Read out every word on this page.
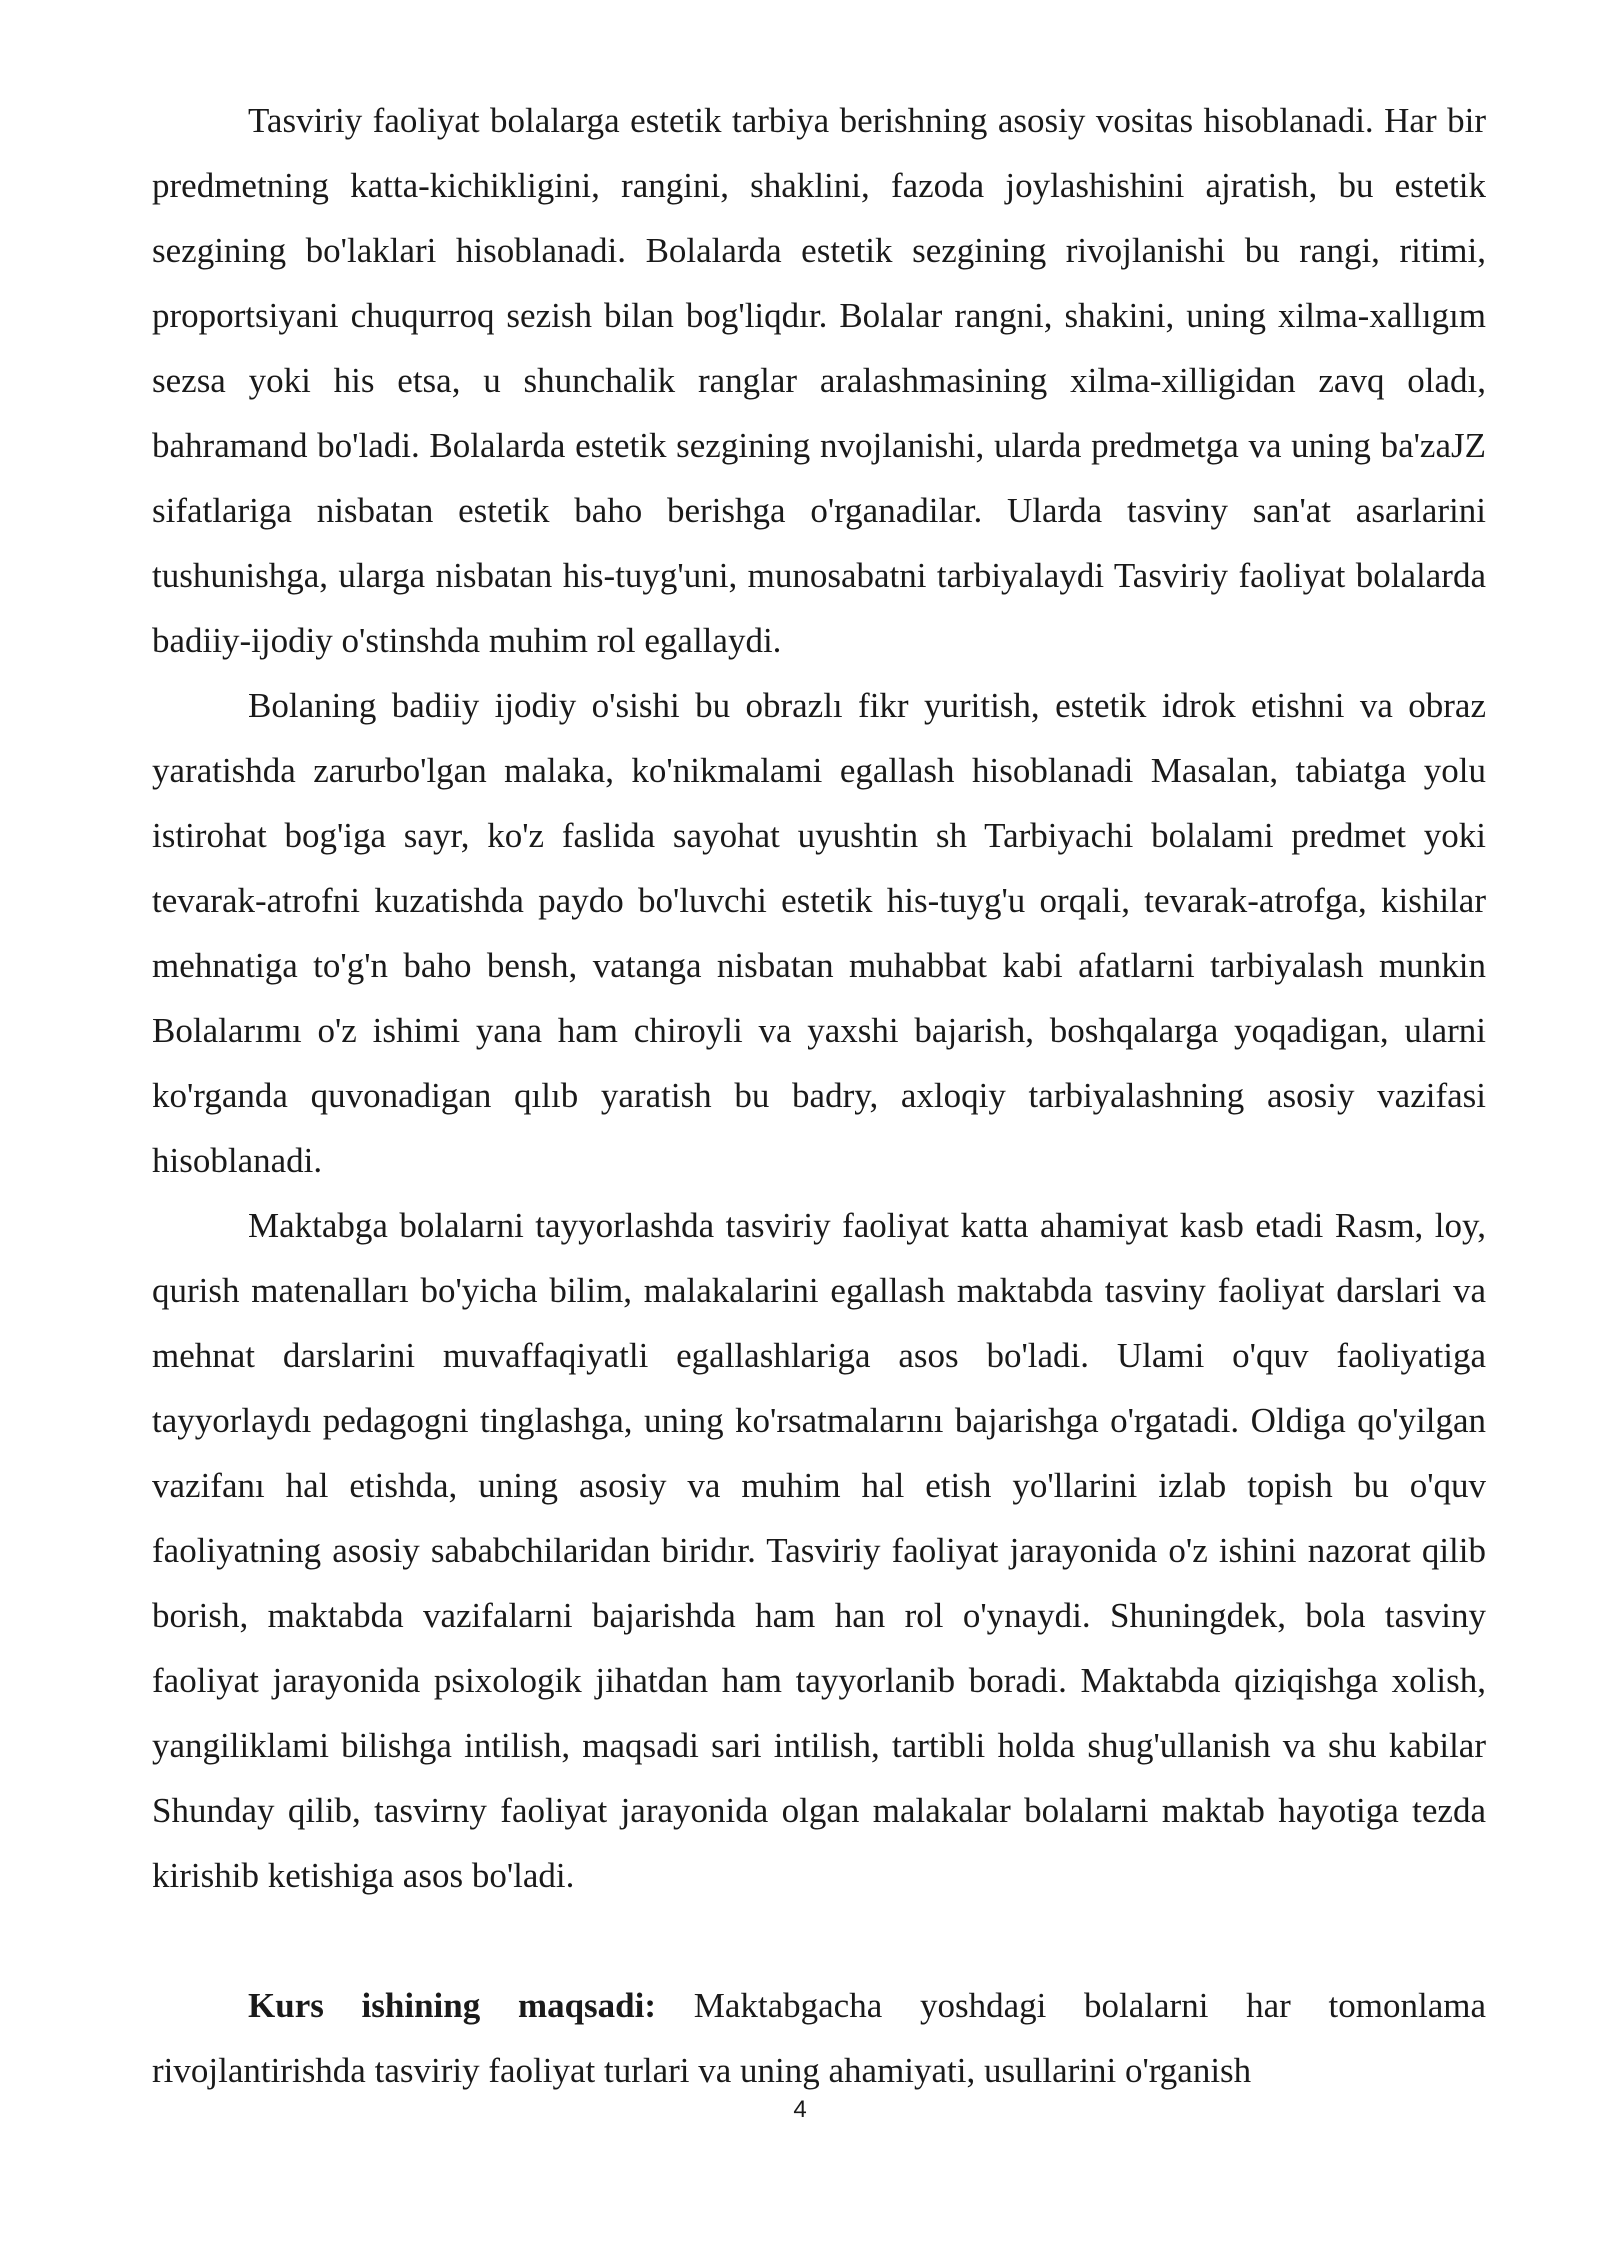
Tasviriy faoliyat bolalarga estetik tarbiya berishning asosiy vositas hisoblanadi. Har bir predmetning katta-kichikligini, rangini, shaklini, fazoda joylashishini ajratish, bu estetik sezgining bo'laklari hisoblanadi. Bolalarda estetik sezgining rivojlanishi bu rangi, ritimi, proportsiyani chuqurroq sezish bilan bog'liqdır. Bolalar rangni, shakini, uning xilma-xallıgım sezsa yoki his etsa, u shunchalik ranglar aralashmasining xilma-xilligidan zavq oladı, bahramand bo'ladi. Bolalarda estetik sezgining nvojlanishi, ularda predmetga va uning ba'zaJZ sifatlariga nisbatan estetik baho berishga o'rganadilar. Ularda tasviny san'at asarlarini tushunishga, ularga nisbatan his-tuyg'uni, munosabatni tarbiyalaydi Tasviriy faoliyat bolalarda badiiy-ijodiy o'stinshda muhim rol egallaydi.

Bolaning badiiy ijodiy o'sishi bu obrazlı fikr yuritish, estetik idrok etishni va obraz yaratishda zarurbo'lgan malaka, ko'nikmalami egallash hisoblanadi Masalan, tabiatga yolu istirohat bog'iga sayr, ko'z faslida sayohat uyushtin sh Tarbiyachi bolalami predmet yoki tevarak-atrofni kuzatishda paydo bo'luvchi estetik his-tuyg'u orqali, tevarak-atrofga, kishilar mehnatiga to'g'n baho bensh, vatanga nisbatan muhabbat kabi afatlarni tarbiyalash munkin Bolalarımı o'z ishimi yana ham chiroyli va yaxshi bajarish, boshqalarga yoqadigan, ularni ko'rganda quvonadigan qılıb yaratish bu badry, axloqiy tarbiyalashning asosiy vazifasi hisoblanadi.

Maktabga bolalarni tayyorlashda tasviriy faoliyat katta ahamiyat kasb etadi Rasm, loy, qurish matenalları bo'yicha bilim, malakalarini egallash maktabda tasviny faoliyat darslari va mehnat darslarini muvaffaqiyatli egallashlariga asos bo'ladi. Ulami o'quv faoliyatiga tayyorlaydı pedagogni tinglashga, uning ko'rsatmalarını bajarishga o'rgatadi. Oldiga qo'yilgan vazifanı hal etishda, uning asosiy va muhim hal etish yo'llarini izlab topish bu o'quv faoliyatning asosiy sababchilaridan biridır. Tasviriy faoliyat jarayonida o'z ishini nazorat qilib borish, maktabda vazifalarni bajarishda ham han rol o'ynaydi. Shuningdek, bola tasviny faoliyat jarayonida psixologik jihatdan ham tayyorlanib boradi. Maktabda qiziqishga xolish, yangiliklami bilishga intilish, maqsadi sari intilish, tartibli holda shug'ullanish va shu kabilar Shunday qilib, tasvirny faoliyat jarayonida olgan malakalar bolalarni maktab hayotiga tezda kirishib ketishiga asos bo'ladi.

Kurs ishining maqsadi: Maktabgacha yoshdagi bolalarni har tomonlama rivojlantirishda tasviriy faoliyat turlari va uning ahamiyati, usullarini o'rganish

4
